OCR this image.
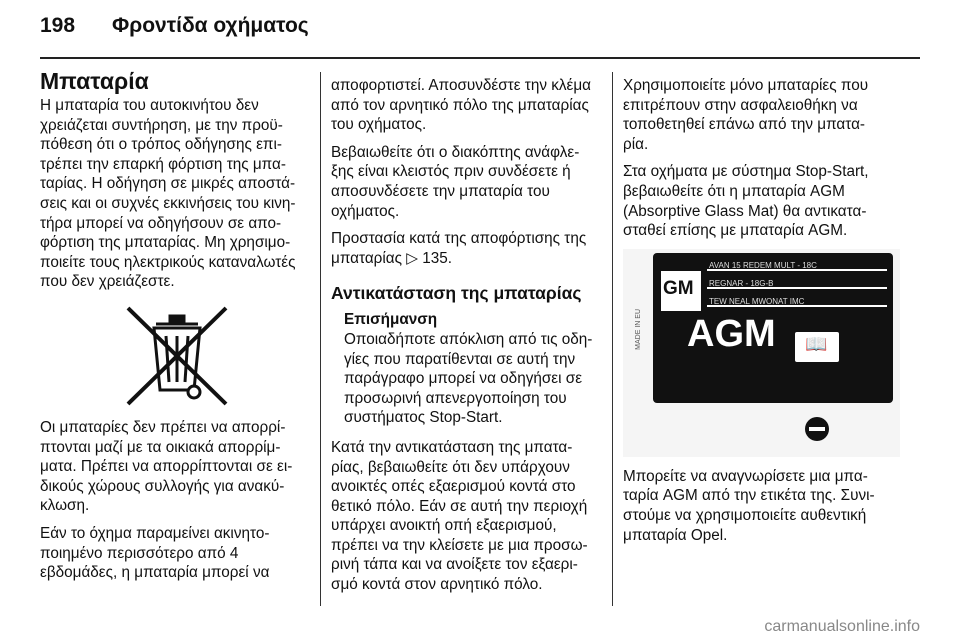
198 Φροντίδα οχήματος
Μπαταρία

Η μπαταρία του αυτοκινήτου δεν χρειάζεται συντήρηση, με την προϋ- πόθεση ότι ο τρόπος οδήγησης επι- τρέπει την επαρκή φόρτιση της μπα- ταρίας. Η οδήγηση σε μικρές αποστά- σεις και οι συχνές εκκινήσεις του κινη- τήρα μπορεί να οδηγήσουν σε απο- φόρτιση της μπαταρίας. Μη χρησιμο- ποιείτε τους ηλεκτρικούς καταναλωτές που δεν χρειάζεστε.

Οι μπαταρίες δεν πρέπει να απορρί- πτονται μαζί με τα οικιακά απορρίμ- ματα. Πρέπει να απορρίπτονται σε ει- δικούς χώρους συλλογής για ανακύ- κλωση.

Εάν το όχημα παραμείνει ακινητο- ποιημένο περισσότερο από 4 εβδομάδες, η μπαταρία μπορεί να

αποφορτιστεί. Αποσυνδέστε την κλέμα από τον αρνητικό πόλο της μπαταρίας του οχήματος.

Βεβαιωθείτε ότι ο διακόπτης ανάφλε- ξης είναι κλειστός πριν συνδέσετε ή αποσυνδέσετε την μπαταρία του οχήματος.

Προστασία κατά της αποφόρτισης της μπαταρίας ▷ 135.

Αντικατάσταση της μπαταρίας
Επισήμανση
Οποιαδήποτε απόκλιση από τις οδη- γίες που παρατίθενται σε αυτή την παράγραφο μπορεί να οδηγήσει σε προσωρινή απενεργοποίηση του συστήματος Stop-Start.

Κατά την αντικατάσταση της μπατα- ρίας, βεβαιωθείτε ότι δεν υπάρχουν ανοικτές οπές εξαερισμού κοντά στο θετικό πόλο. Εάν σε αυτή την περιοχή υπάρχει ανοικτή οπή εξαερισμού, πρέπει να την κλείσετε με μια προσω- ρινή τάπα και να ανοίξετε τον εξαερι- σμό κοντά στον αρνητικό πόλο.

Χρησιμοποιείτε μόνο μπαταρίες που επιτρέπουν στην ασφαλειοθήκη να τοποθετηθεί επάνω από την μπατα- ρία.

Στα οχήματα με σύστημα Stop-Start, βεβαιωθείτε ότι η μπαταρία AGM (Absorptive Glass Mat) θα αντικατα- σταθεί επίσης με μπαταρία AGM.

GM
AVAN 15 REDEM MULT - 18C
REGNAR - 18G-B
TEW NEAL MWONAT IMC
AGM 📖
MADE IN EU

Μπορείτε να αναγνωρίσετε μια μπα- ταρία AGM από την ετικέτα της. Συνι- στούμε να χρησιμοποιείτε αυθεντική μπαταρία Opel.

carmanualsonline.info
